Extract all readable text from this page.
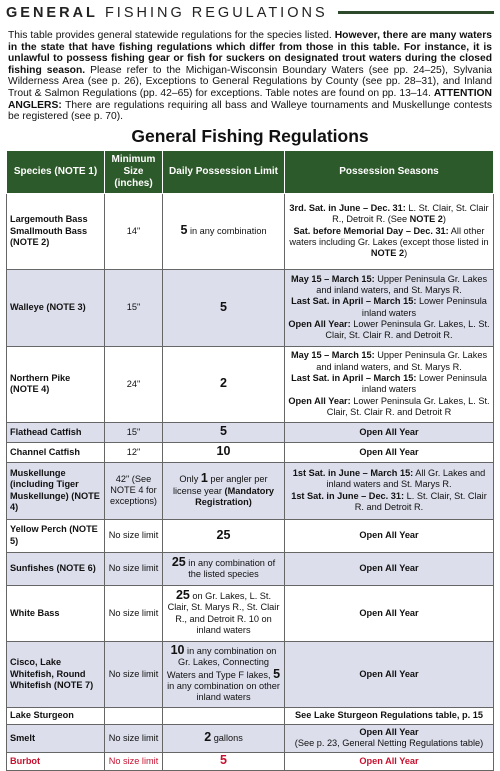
GENERAL FISHING REGULATIONS
This table provides general statewide regulations for the species listed. However, there are many waters in the state that have fishing regulations which differ from those in this table. For instance, it is unlawful to possess fishing gear or fish for suckers on designated trout waters during the closed fishing season. Please refer to the Michigan-Wisconsin Boundary Waters (see pp. 24–25), Sylvania Wilderness Area (see p. 26), Exceptions to General Regulations by County (see pp. 28–31), and Inland Trout & Salmon Regulations (pp. 42–65) for exceptions. Table notes are found on pp. 13–14. ATTENTION ANGLERS: There are regulations requiring all bass and Walleye tournaments and Muskellunge contests be registered (see p. 70).
General Fishing Regulations
Species (NOTE 1)	Minimum Size (inches)	Daily Possession Limit	Possession Seasons
Largemouth Bass Smallmouth Bass (NOTE 2)	14"	5 in any combination	3rd. Sat. in June – Dec. 31: L. St. Clair, St. Clair R., Detroit R. (See NOTE 2)
Sat. before Memorial Day – Dec. 31: All other waters including Gr. Lakes (except those listed in NOTE 2)

Walleye (NOTE 3)	15"	5	May 15 – March 15: Upper Peninsula Gr. Lakes and inland waters, and St. Marys R.
Last Sat. in April – March 15: Lower Peninsula inland waters
Open All Year: Lower Peninsula Gr. Lakes, L. St. Clair, St. Clair R. and Detroit R.

Northern Pike (NOTE 4)	24"	2	May 15 – March 15: Upper Peninsula Gr. Lakes and inland waters, and St. Marys R.
Last Sat. in April – March 15: Lower Peninsula inland waters
Open All Year: Lower Peninsula Gr. Lakes, L. St. Clair, St. Clair R. and Detroit R

Flathead Catfish	15"	5	Open All Year

Channel Catfish	12"	10	Open All Year

Muskellunge (including Tiger Muskellunge) (NOTE 4)	42" (See NOTE 4 for exceptions)	Only 1 per angler per license year (Mandatory Registration)	1st Sat. in June – March 15: All Gr. Lakes and inland waters and St. Marys R.
1st Sat. in June – Dec. 31: L. St. Clair, St. Clair R. and Detroit R.

Yellow Perch (NOTE 5)	No size limit	25	Open All Year

Sunfishes (NOTE 6)	No size limit	25 in any combination of the listed species	Open All Year

White Bass	No size limit	25 on Gr. Lakes, L. St. Clair, St. Marys R., St. Clair R., and Detroit R. 10 on inland waters	Open All Year

Cisco, Lake Whitefish, Round Whitefish (NOTE 7)	No size limit	10 in any combination on Gr. Lakes, Connecting Waters and Type F lakes, 5 in any combination on other inland waters	Open All Year

Lake Sturgeon			See Lake Sturgeon Regulations table, p. 15

Smelt	No size limit	2 gallons	Open All Year
(See p. 23, General Netting Regulations table)

Burbot	No size limit	5	Open All Year
